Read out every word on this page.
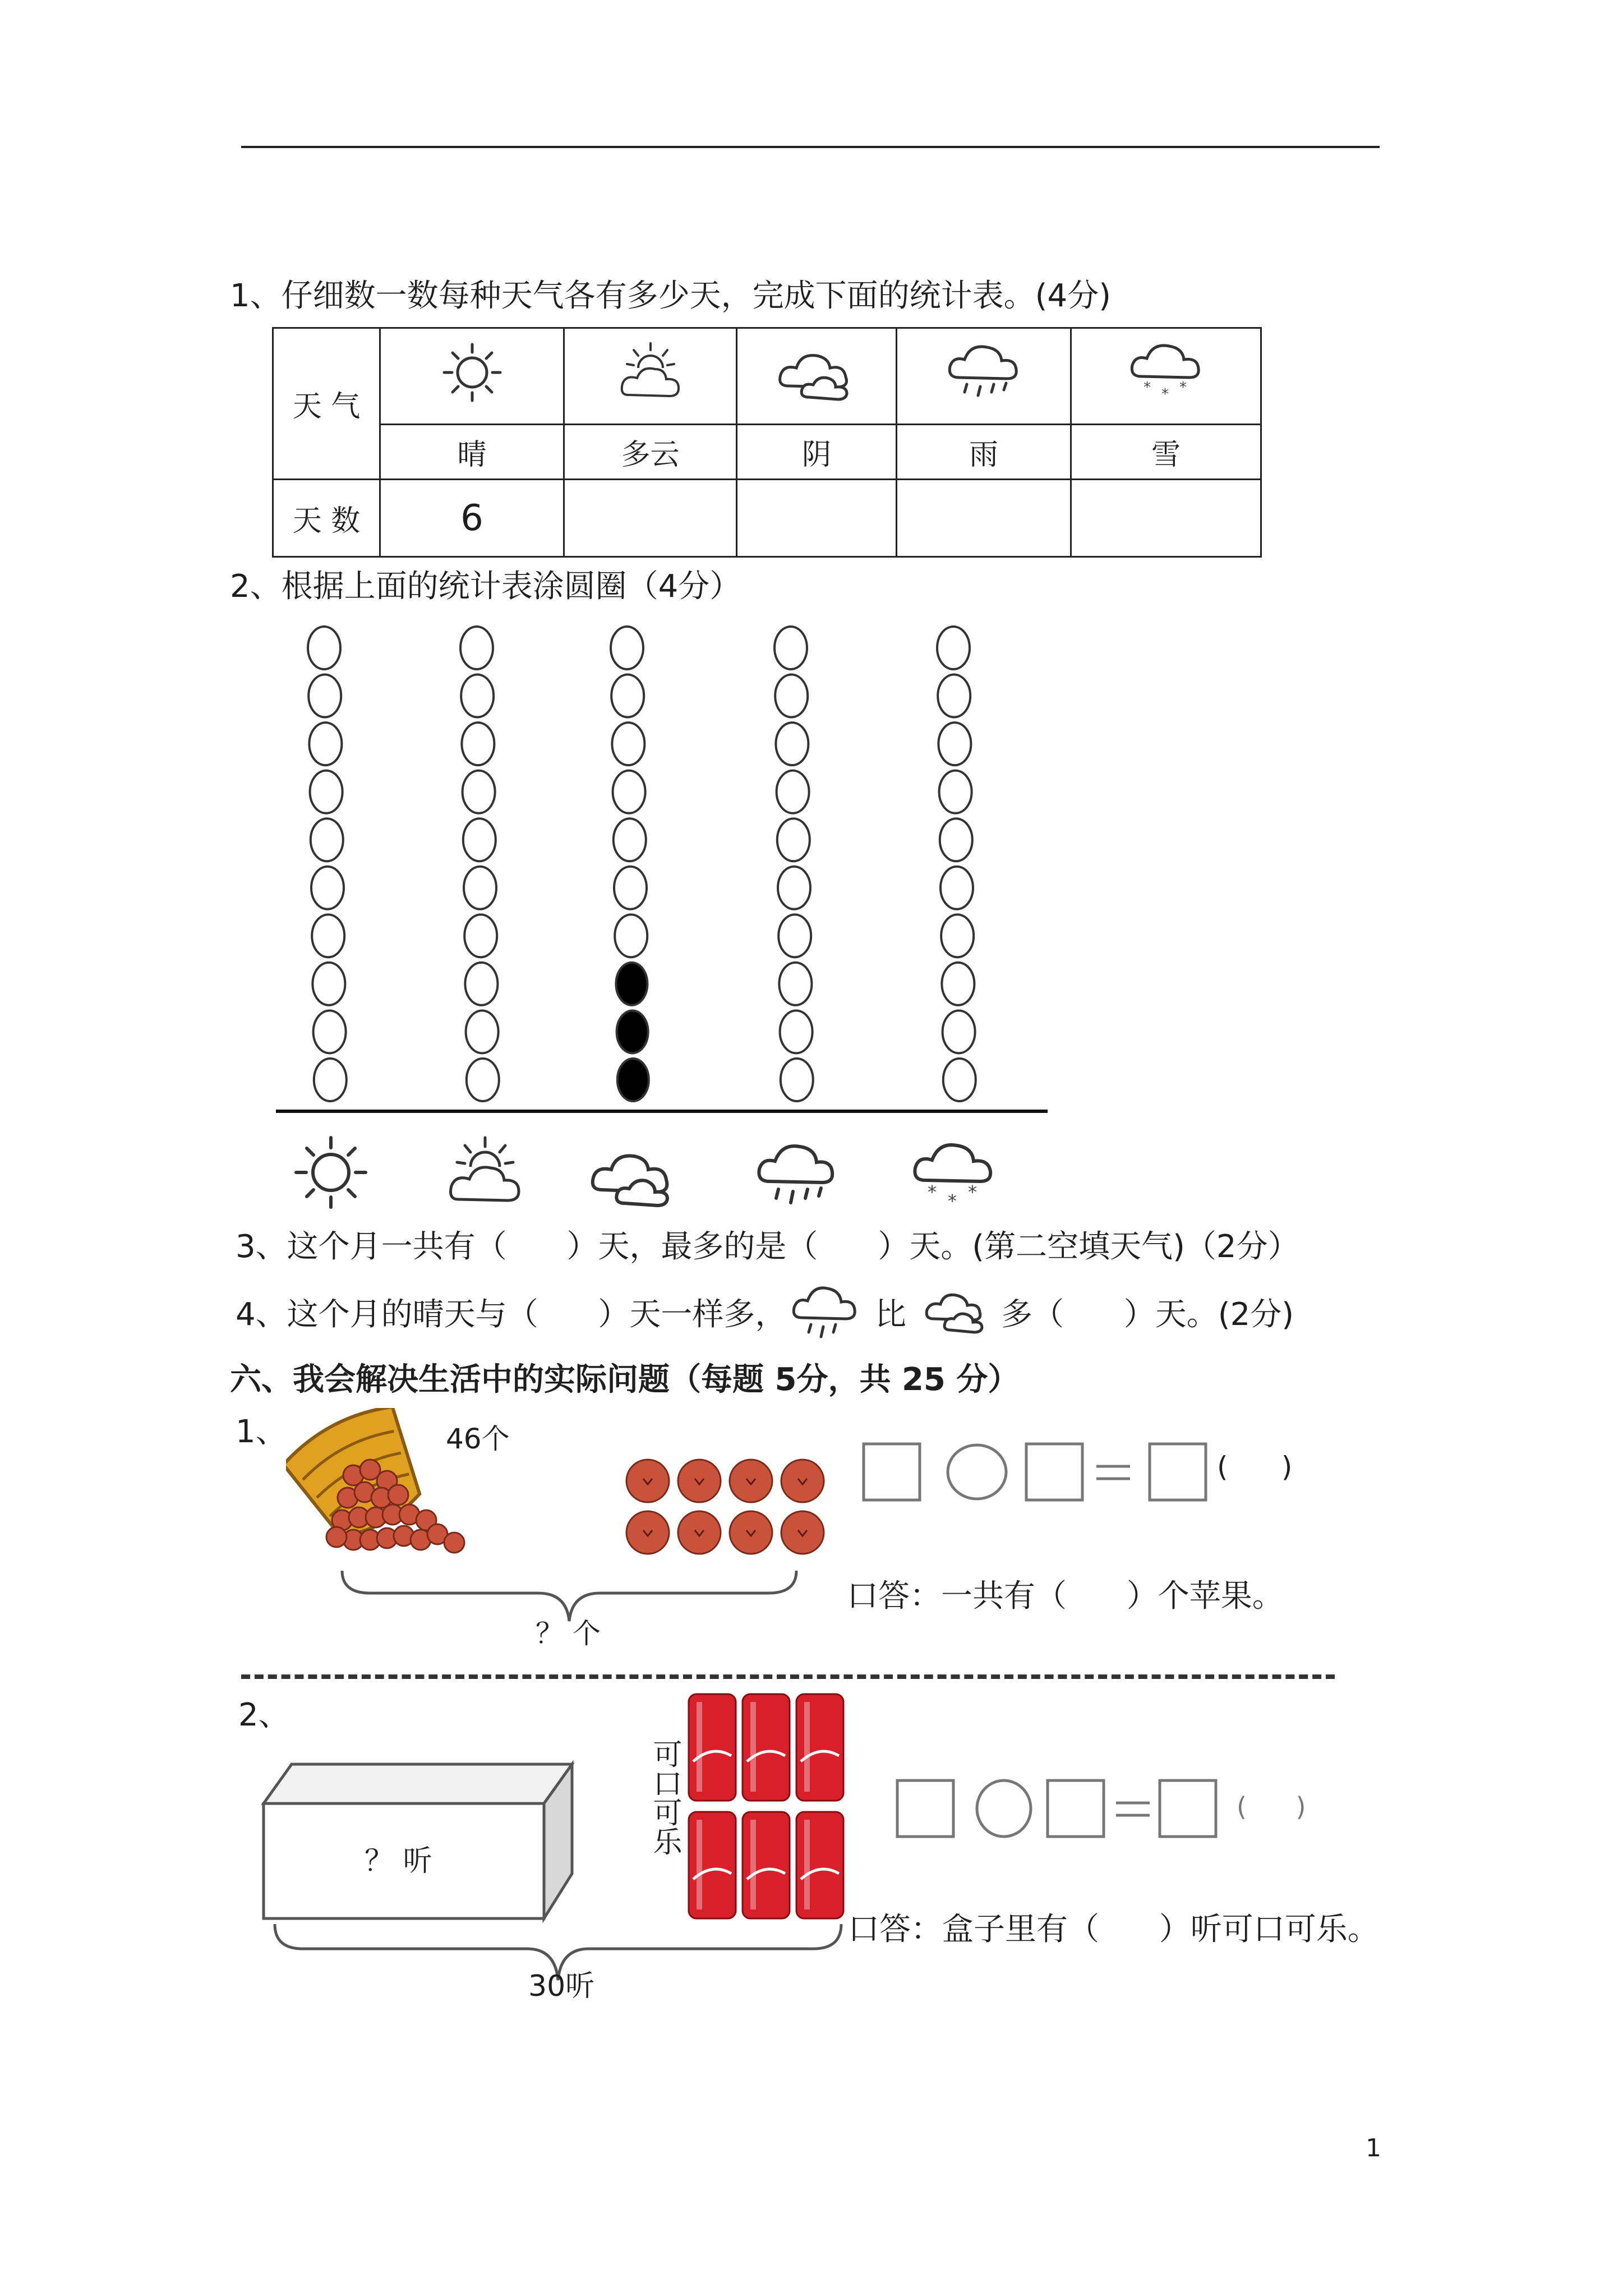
1、仔细数一数每种天气各有多少天，完成下面的统计表。(4分)
天 气					* * *

	晴	多云	阴	雨	雪
天 数	6				
2、根据上面的统计表涂圆圈（4分）
* * *
3、这个月一共有（      ）天，最多的是（      ）天。(第二空填天气)（2分）
4、这个月的晴天与（      ）天一样多，	比	多（      ）天。(2分)
六、我会解决生活中的实际问题（每题 5分，共 25 分）
1、	46个
？ 个
(      )
口答：一共有（      ）个苹果。
2、
？ 听
可口可乐
30听
(      )
口答：盒子里有（      ）听可口可乐。
1
